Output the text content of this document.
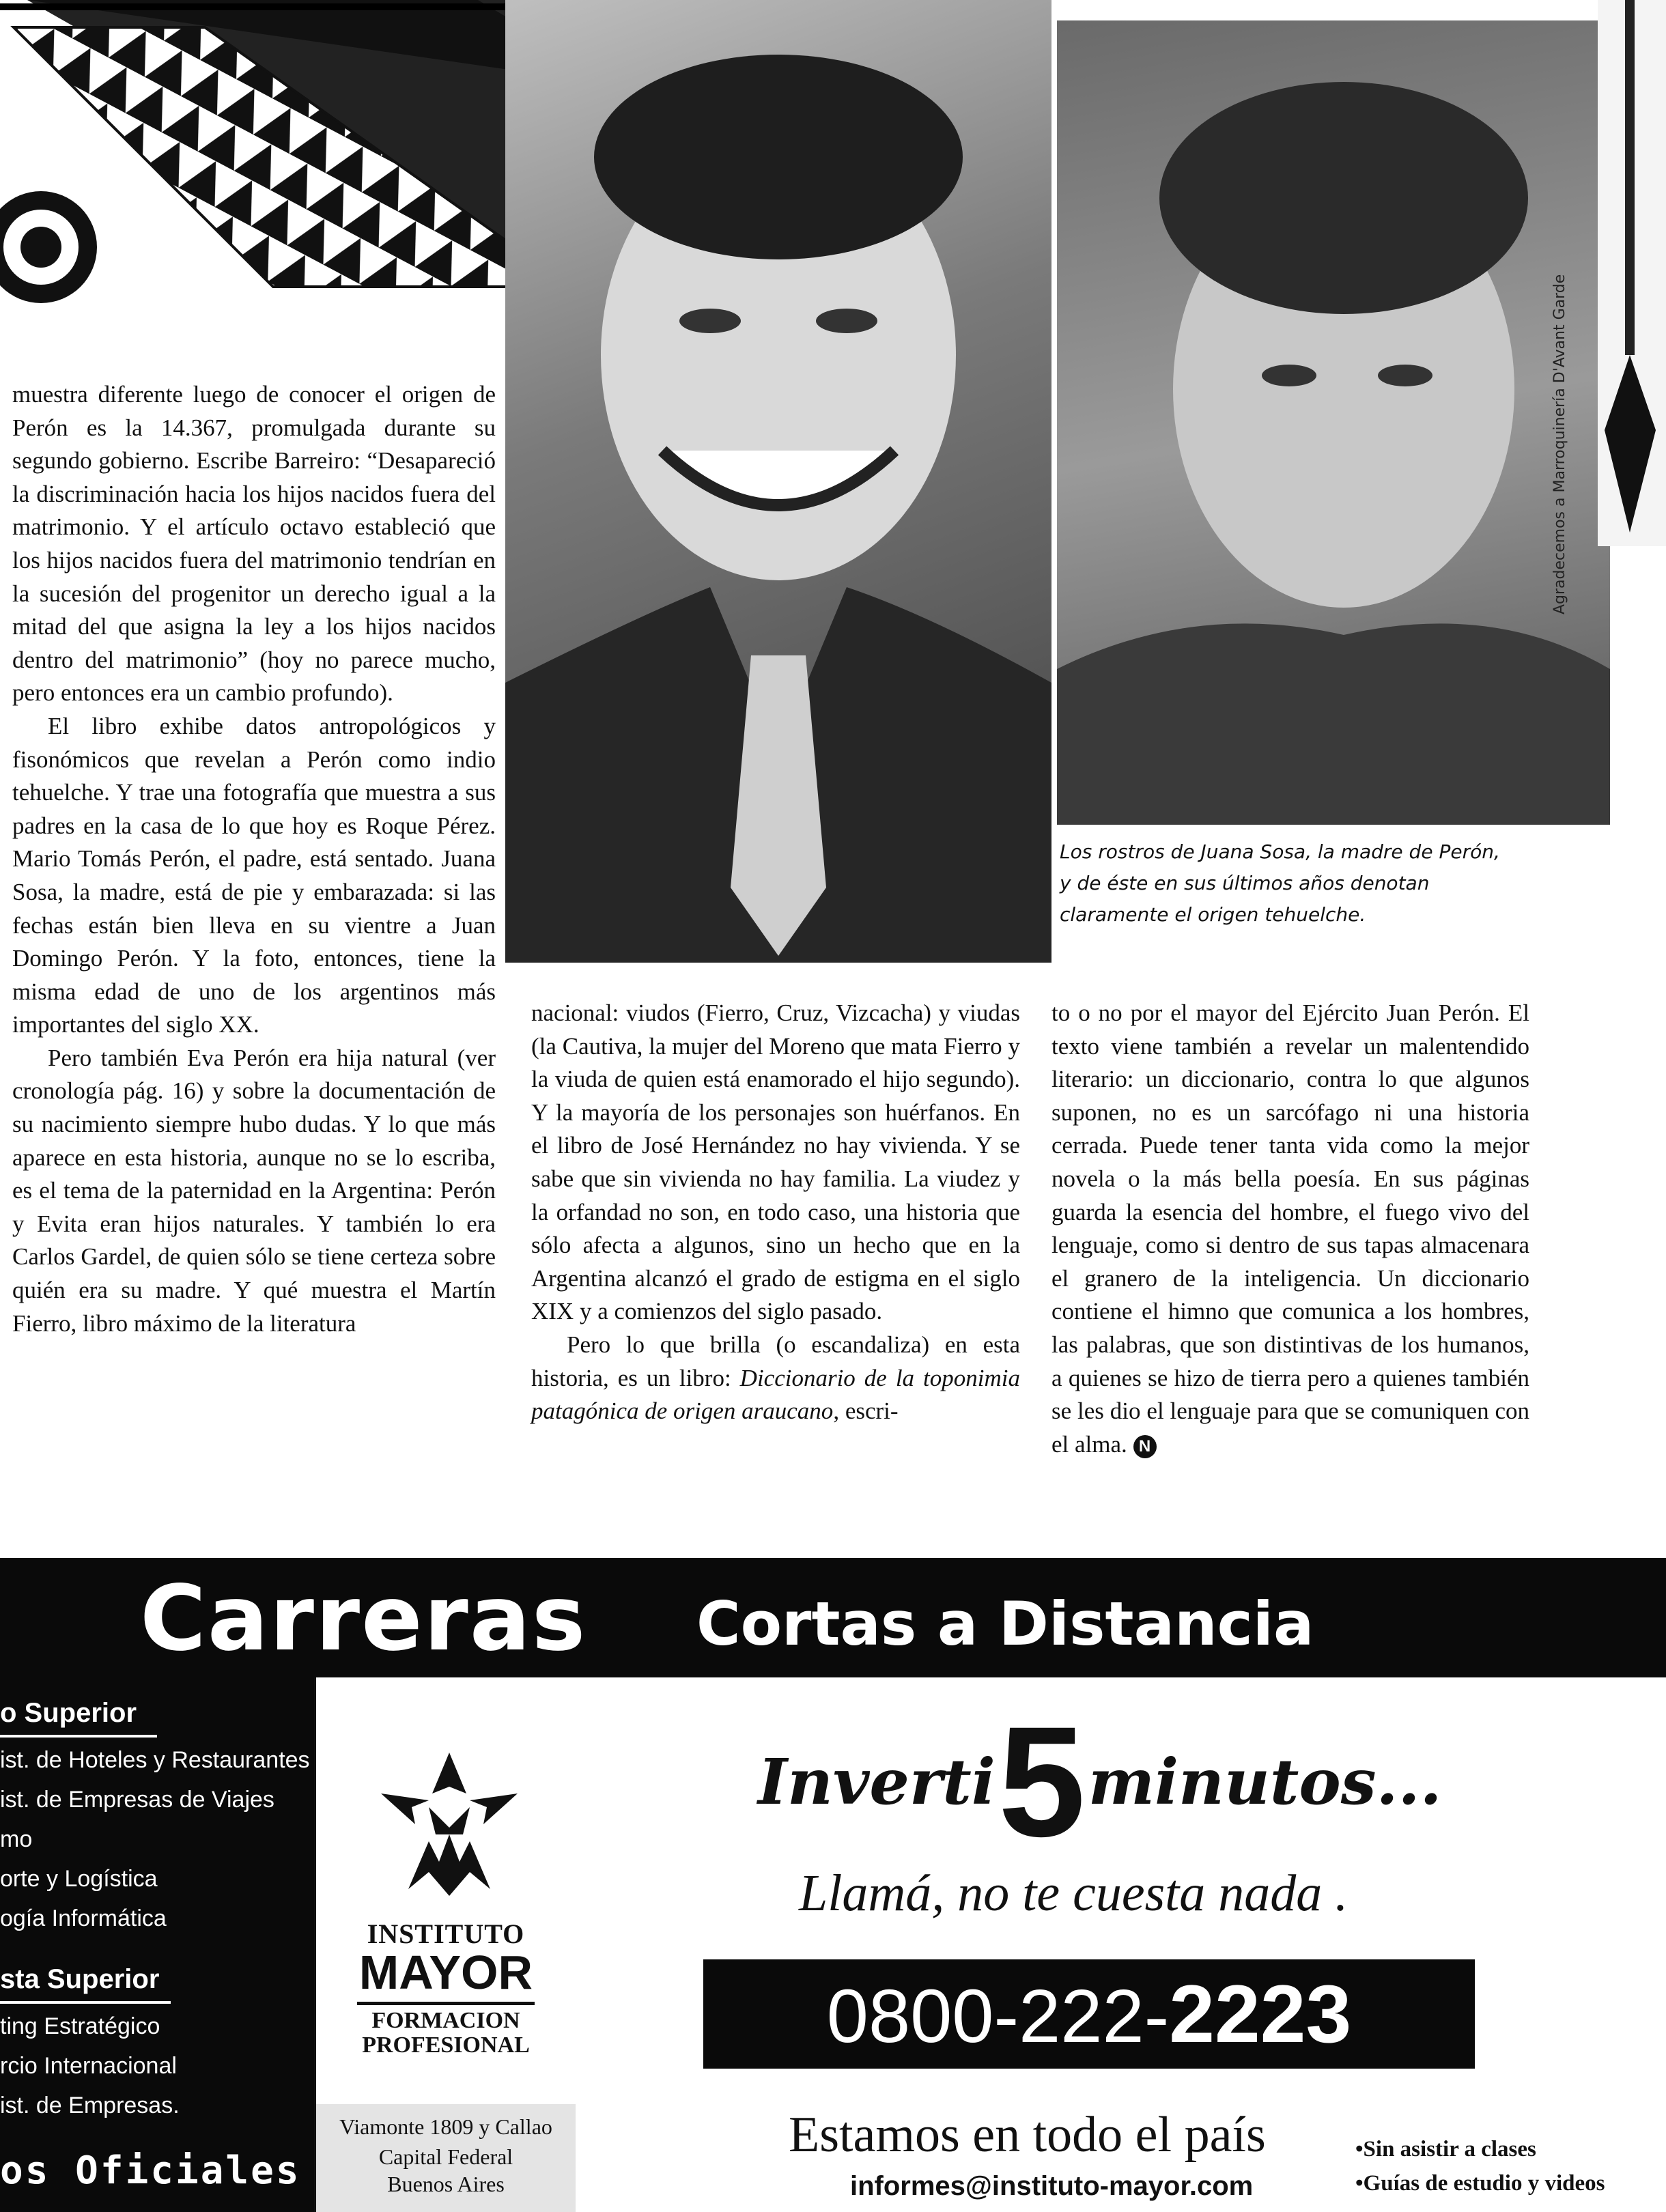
Agradecemos a Marroquinería D'Avant Garde
Los rostros de Juana Sosa, la madre de Perón, y de éste en sus últimos años denotan claramente el origen tehuelche.

muestra diferente luego de conocer el origen de Perón es la 14.367, promulgada durante su segundo gobierno. Escribe Barreiro: “Desapareció la discriminación hacia los hijos nacidos fuera del matrimonio. Y el artículo octavo estableció que los hijos nacidos fuera del matrimonio tendrían en la sucesión del progenitor un derecho igual a la mitad del que asigna la ley a los hijos nacidos dentro del matrimonio” (hoy no parece mucho, pero entonces era un cambio profundo).

El libro exhibe datos antropológicos y fisonómicos que revelan a Perón como indio tehuelche. Y trae una fotografía que muestra a sus padres en la casa de lo que hoy es Roque Pérez. Mario Tomás Perón, el padre, está sentado. Juana Sosa, la madre, está de pie y embarazada: si las fechas están bien lleva en su vientre a Juan Domingo Perón. Y la foto, entonces, tiene la misma edad de uno de los argentinos más importantes del siglo XX.

Pero también Eva Perón era hija natural (ver cronología pág. 16) y sobre la documentación de su nacimiento siempre hubo dudas. Y lo que más aparece en esta historia, aunque no se lo escriba, es el tema de la paternidad en la Argentina: Perón y Evita eran hijos naturales. Y también lo era Carlos Gardel, de quien sólo se tiene certeza sobre quién era su madre. Y qué muestra el Martín Fierro, libro máximo de la literatura

nacional: viudos (Fierro, Cruz, Vizcacha) y viudas (la Cautiva, la mujer del Moreno que mata Fierro y la viuda de quien está enamorado el hijo segundo). Y la mayoría de los personajes son huérfanos. En el libro de José Hernández no hay vivienda. Y se sabe que sin vivienda no hay familia. La viudez y la orfandad no son, en todo caso, una historia que sólo afecta a algunos, sino un hecho que en la Argentina alcanzó el grado de estigma en el siglo XIX y a comienzos del siglo pasado.

Pero lo que brilla (o escandaliza) en esta historia, es un libro: Diccionario de la toponimia patagónica de origen araucano, escri-

to o no por el mayor del Ejército Juan Perón. El texto viene también a revelar un malentendido literario: un diccionario, contra lo que algunos suponen, no es un sarcófago ni una historia cerrada. Puede tener tanta vida como la mejor novela o la más bella poesía. En sus páginas guarda la esencia del hombre, el fuego vivo del lenguaje, como si dentro de sus tapas almacenara el granero de la inteligencia. Un diccionario contiene el himno que comunica a los hombres, las palabras, que son distintivas de los humanos, a quienes se hizo de tierra pero a quienes también se les dio el lenguaje para que se comuniquen con el alma. N

Carreras Cortas a Distancia
o Superior
ist. de Hoteles y Restaurantes
ist. de Empresas de Viajes
mo
orte y Logística
ogía Informática
sta Superior
ting Estratégico
rcio Internacional
ist. de Empresas.
os Oficiales
INSTITUTO
MAYOR
FORMACION
PROFESIONAL
Viamonte 1809 y Callao
Capital Federal
Buenos Aires
Inverti 5 minutos...
Llamá, no te cuesta nada .
0800-222-2223
Estamos en todo el país
informes@instituto-mayor.com
•Sin asistir a clases
•Guías de estudio y videos
